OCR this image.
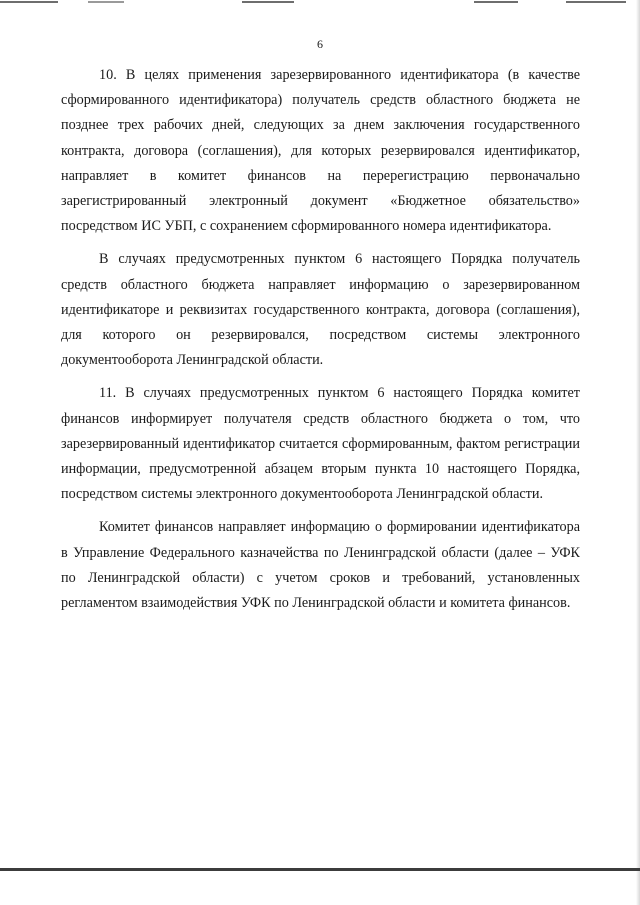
6

10. В целях применения зарезервированного идентификатора (в качестве сформированного идентификатора) получатель средств областного бюджета не позднее трех рабочих дней, следующих за днем заключения государственного контракта, договора (соглашения), для которых резервировался идентификатор, направляет в комитет финансов на перерегистрацию первоначально зарегистрированный электронный документ «Бюджетное обязательство» посредством ИС УБП, с сохранением сформированного номера идентификатора.

В случаях предусмотренных пунктом 6 настоящего Порядка получатель средств областного бюджета направляет информацию о зарезервированном идентификаторе и реквизитах государственного контракта, договора (соглашения), для которого он резервировался, посредством системы электронного документооборота Ленинградской области.

11. В случаях предусмотренных пунктом 6 настоящего Порядка комитет финансов информирует получателя средств областного бюджета о том, что зарезервированный идентификатор считается сформированным, фактом регистрации информации, предусмотренной абзацем вторым пункта 10 настоящего Порядка, посредством системы электронного документооборота Ленинградской области.

Комитет финансов направляет информацию о формировании идентификатора в Управление Федерального казначейства по Ленинградской области (далее – УФК по Ленинградской области) с учетом сроков и требований, установленных регламентом взаимодействия УФК по Ленинградской области и комитета финансов.
